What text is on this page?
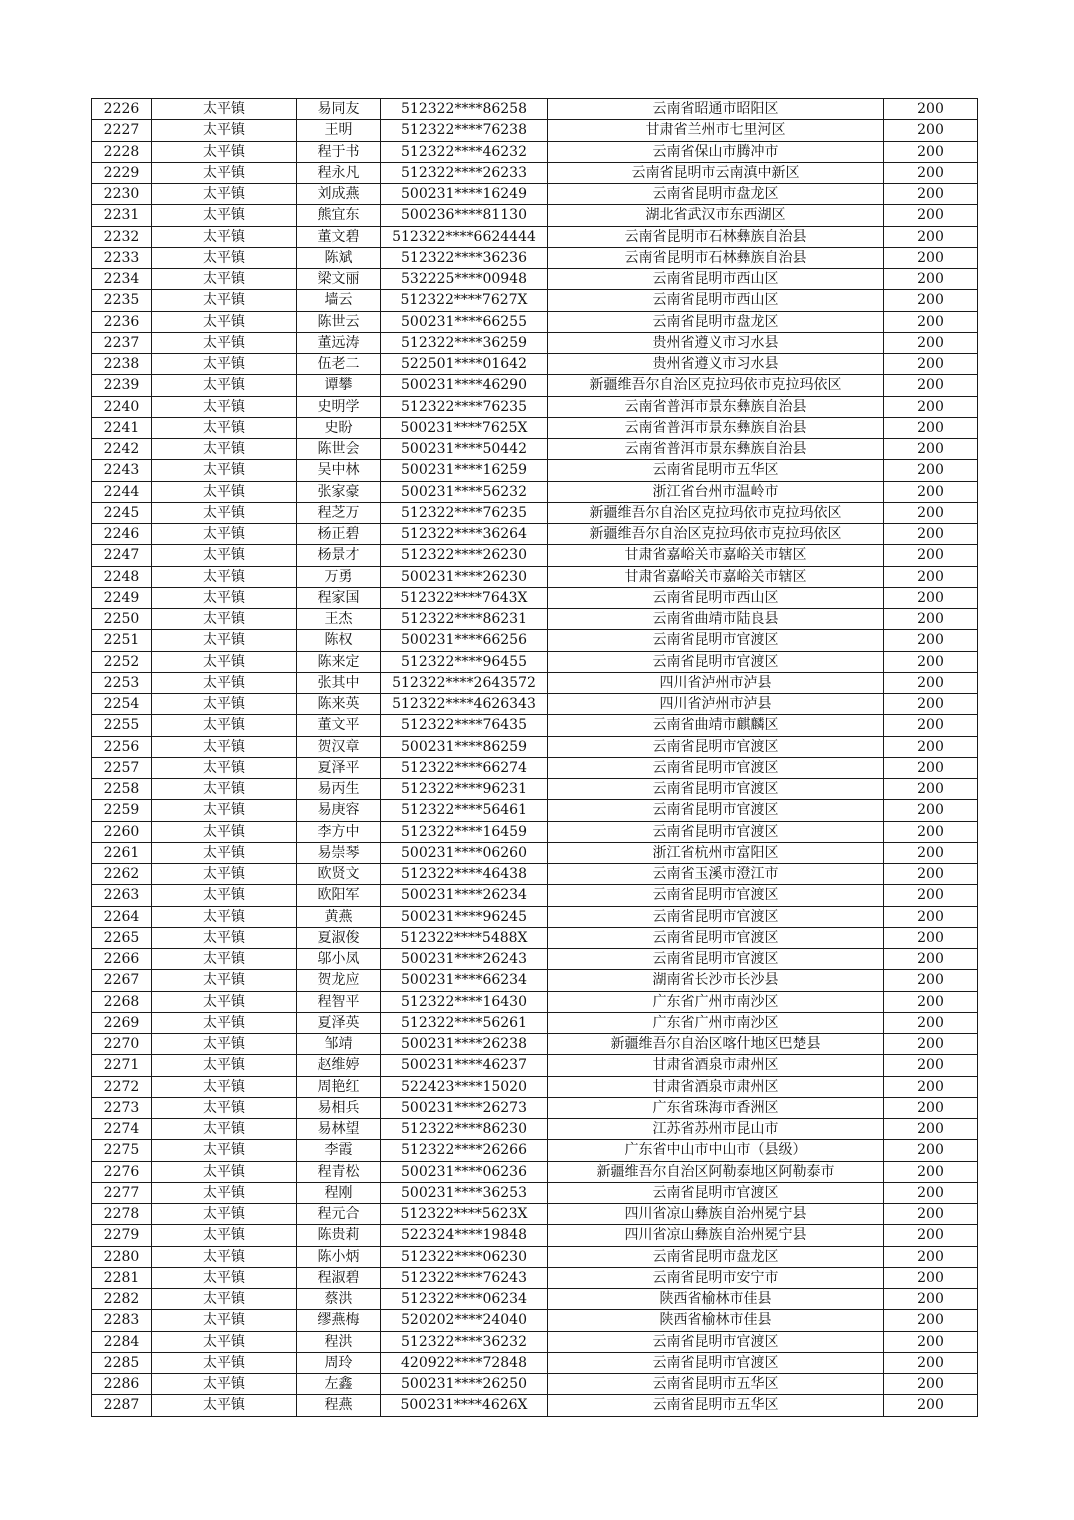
2226	太平镇	易同友	512322****86258	云南省昭通市昭阳区	200
2227	太平镇	王明	512322****76238	甘肃省兰州市七里河区	200
2228	太平镇	程于书	512322****46232	云南省保山市腾冲市	200
2229	太平镇	程永凡	512322****26233	云南省昆明市云南滇中新区	200
2230	太平镇	刘成燕	500231****16249	云南省昆明市盘龙区	200
2231	太平镇	熊宜东	500236****81130	湖北省武汉市东西湖区	200
2232	太平镇	董文碧	512322****6624444	云南省昆明市石林彝族自治县	200
2233	太平镇	陈斌	512322****36236	云南省昆明市石林彝族自治县	200
2234	太平镇	梁文丽	532225****00948	云南省昆明市西山区	200
2235	太平镇	墙云	512322****7627X	云南省昆明市西山区	200
2236	太平镇	陈世云	500231****66255	云南省昆明市盘龙区	200
2237	太平镇	董远涛	512322****36259	贵州省遵义市习水县	200
2238	太平镇	伍老二	522501****01642	贵州省遵义市习水县	200
2239	太平镇	谭攀	500231****46290	新疆维吾尔自治区克拉玛依市克拉玛依区	200
2240	太平镇	史明学	512322****76235	云南省普洱市景东彝族自治县	200
2241	太平镇	史盼	500231****7625X	云南省普洱市景东彝族自治县	200
2242	太平镇	陈世会	500231****50442	云南省普洱市景东彝族自治县	200
2243	太平镇	吴中林	500231****16259	云南省昆明市五华区	200
2244	太平镇	张家豪	500231****56232	浙江省台州市温岭市	200
2245	太平镇	程芝万	512322****76235	新疆维吾尔自治区克拉玛依市克拉玛依区	200
2246	太平镇	杨正碧	512322****36264	新疆维吾尔自治区克拉玛依市克拉玛依区	200
2247	太平镇	杨景才	512322****26230	甘肃省嘉峪关市嘉峪关市辖区	200
2248	太平镇	万勇	500231****26230	甘肃省嘉峪关市嘉峪关市辖区	200
2249	太平镇	程家国	512322****7643X	云南省昆明市西山区	200
2250	太平镇	王杰	512322****86231	云南省曲靖市陆良县	200
2251	太平镇	陈权	500231****66256	云南省昆明市官渡区	200
2252	太平镇	陈来定	512322****96455	云南省昆明市官渡区	200
2253	太平镇	张其中	512322****2643572	四川省泸州市泸县	200
2254	太平镇	陈来英	512322****4626343	四川省泸州市泸县	200
2255	太平镇	董文平	512322****76435	云南省曲靖市麒麟区	200
2256	太平镇	贺汉章	500231****86259	云南省昆明市官渡区	200
2257	太平镇	夏泽平	512322****66274	云南省昆明市官渡区	200
2258	太平镇	易丙生	512322****96231	云南省昆明市官渡区	200
2259	太平镇	易庚容	512322****56461	云南省昆明市官渡区	200
2260	太平镇	李方中	512322****16459	云南省昆明市官渡区	200
2261	太平镇	易崇琴	500231****06260	浙江省杭州市富阳区	200
2262	太平镇	欧贤文	512322****46438	云南省玉溪市澄江市	200
2263	太平镇	欧阳军	500231****26234	云南省昆明市官渡区	200
2264	太平镇	黄燕	500231****96245	云南省昆明市官渡区	200
2265	太平镇	夏淑俊	512322****5488X	云南省昆明市官渡区	200
2266	太平镇	邬小凤	500231****26243	云南省昆明市官渡区	200
2267	太平镇	贺龙应	500231****66234	湖南省长沙市长沙县	200
2268	太平镇	程智平	512322****16430	广东省广州市南沙区	200
2269	太平镇	夏泽英	512322****56261	广东省广州市南沙区	200
2270	太平镇	邹靖	500231****26238	新疆维吾尔自治区喀什地区巴楚县	200
2271	太平镇	赵维婷	500231****46237	甘肃省酒泉市肃州区	200
2272	太平镇	周艳红	522423****15020	甘肃省酒泉市肃州区	200
2273	太平镇	易相兵	500231****26273	广东省珠海市香洲区	200
2274	太平镇	易林望	512322****86230	江苏省苏州市昆山市	200
2275	太平镇	李霞	512322****26266	广东省中山市中山市（县级）	200
2276	太平镇	程青松	500231****06236	新疆维吾尔自治区阿勒泰地区阿勒泰市	200
2277	太平镇	程刚	500231****36253	云南省昆明市官渡区	200
2278	太平镇	程元合	512322****5623X	四川省凉山彝族自治州冕宁县	200
2279	太平镇	陈贵莉	522324****19848	四川省凉山彝族自治州冕宁县	200
2280	太平镇	陈小炳	512322****06230	云南省昆明市盘龙区	200
2281	太平镇	程淑碧	512322****76243	云南省昆明市安宁市	200
2282	太平镇	蔡洪	512322****06234	陕西省榆林市佳县	200
2283	太平镇	缪燕梅	520202****24040	陕西省榆林市佳县	200
2284	太平镇	程洪	512322****36232	云南省昆明市官渡区	200
2285	太平镇	周玲	420922****72848	云南省昆明市官渡区	200
2286	太平镇	左鑫	500231****26250	云南省昆明市五华区	200
2287	太平镇	程燕	500231****4626X	云南省昆明市五华区	200
